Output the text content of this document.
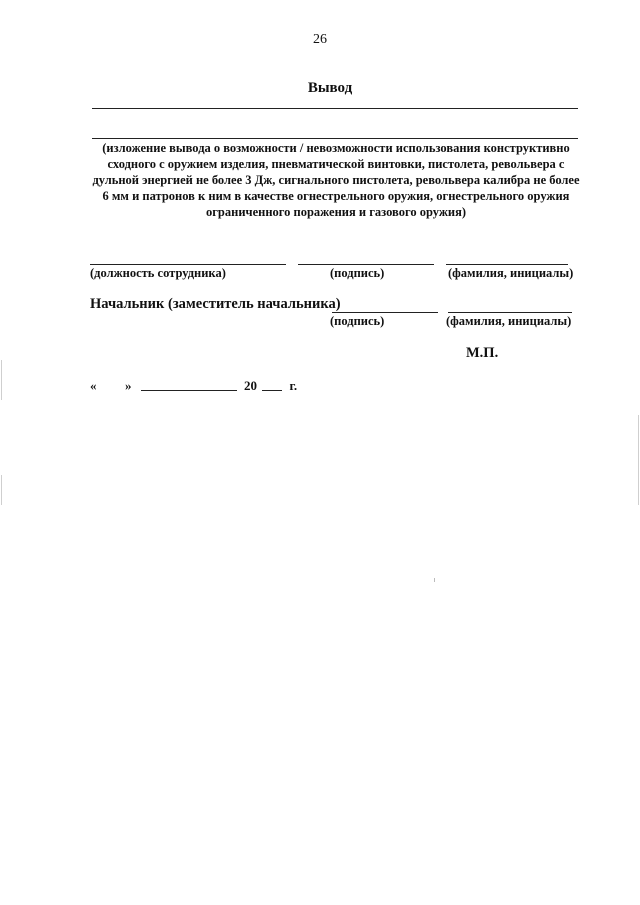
26
Вывод
(изложение вывода о возможности / невозможности использования конструктивно сходного с оружием изделия, пневматической винтовки, пистолета, револьвера с дульной энергией не более 3 Дж, сигнального пистолета, револьвера калибра не более 6 мм и патронов к ним в качестве огнестрельного оружия, огнестрельного оружия ограниченного поражения и газового оружия)
(должность сотрудника)	(подпись)	(фамилия, инициалы)
Начальник (заместитель начальника)
(подпись)	(фамилия, инициалы)
М.П.
« »	20	г.
